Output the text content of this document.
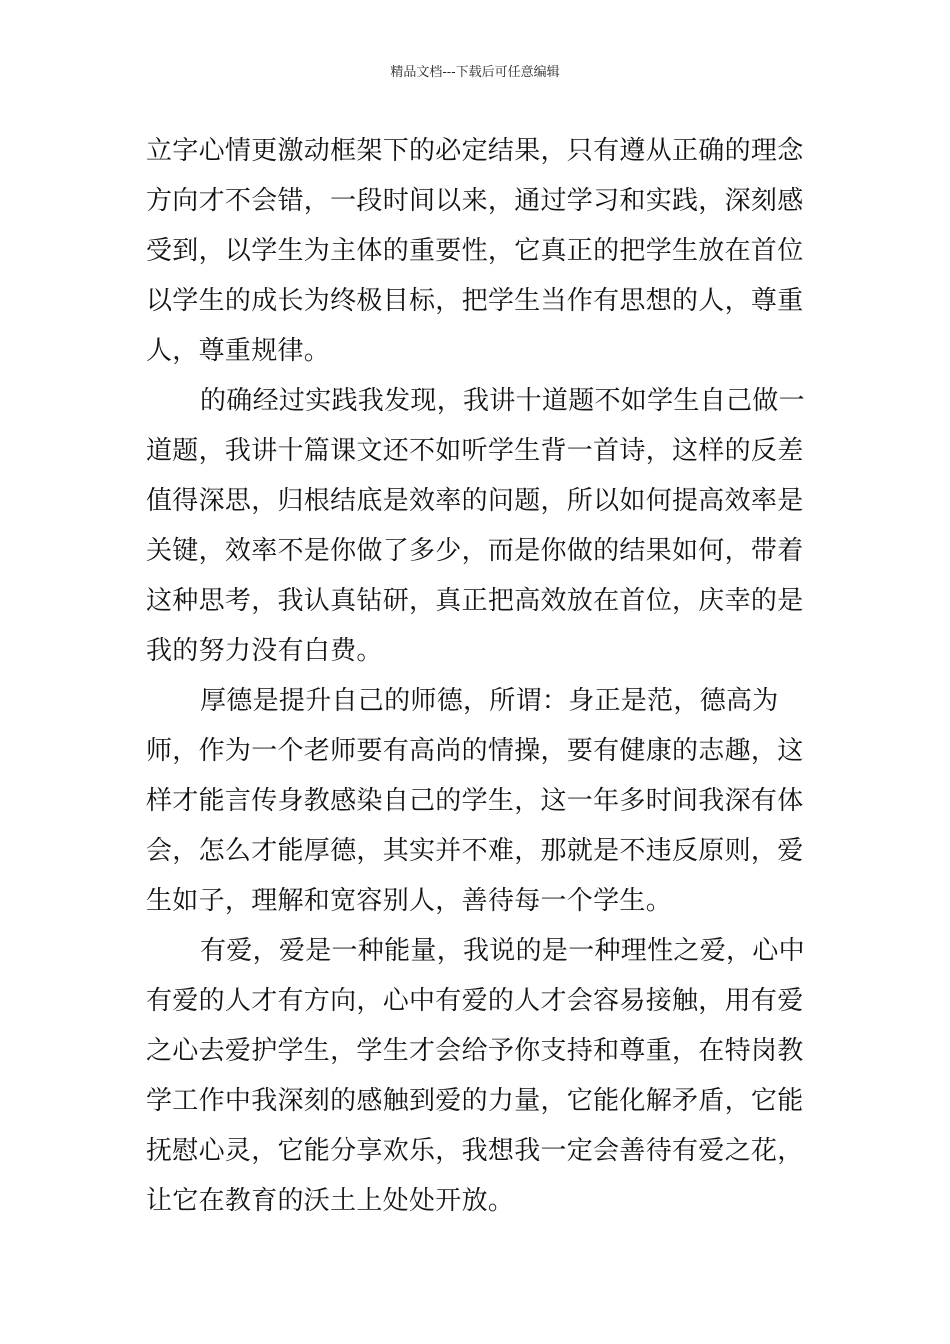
精品文档---下载后可任意编辑

立字心情更激动框架下的必定结果，只有遵从正确的理念方向才不会错，一段时间以来，通过学习和实践，深刻感受到，以学生为主体的重要性，它真正的把学生放在首位以学生的成长为终极目标，把学生当作有思想的人，尊重人，尊重规律。

的确经过实践我发现，我讲十道题不如学生自己做一道题，我讲十篇课文还不如听学生背一首诗，这样的反差值得深思，归根结底是效率的问题，所以如何提高效率是关键，效率不是你做了多少，而是你做的结果如何，带着这种思考，我认真钻研，真正把高效放在首位，庆幸的是我的努力没有白费。

厚德是提升自己的师德，所谓：身正是范，德高为师，作为一个老师要有高尚的情操，要有健康的志趣，这样才能言传身教感染自己的学生，这一年多时间我深有体会，怎么才能厚德，其实并不难，那就是不违反原则，爱生如子，理解和宽容别人，善待每一个学生。

有爱，爱是一种能量，我说的是一种理性之爱，心中有爱的人才有方向，心中有爱的人才会容易接触，用有爱之心去爱护学生，学生才会给予你支持和尊重，在特岗教学工作中我深刻的感触到爱的力量，它能化解矛盾，它能抚慰心灵，它能分享欢乐，我想我一定会善待有爱之花，让它在教育的沃土上处处开放。
